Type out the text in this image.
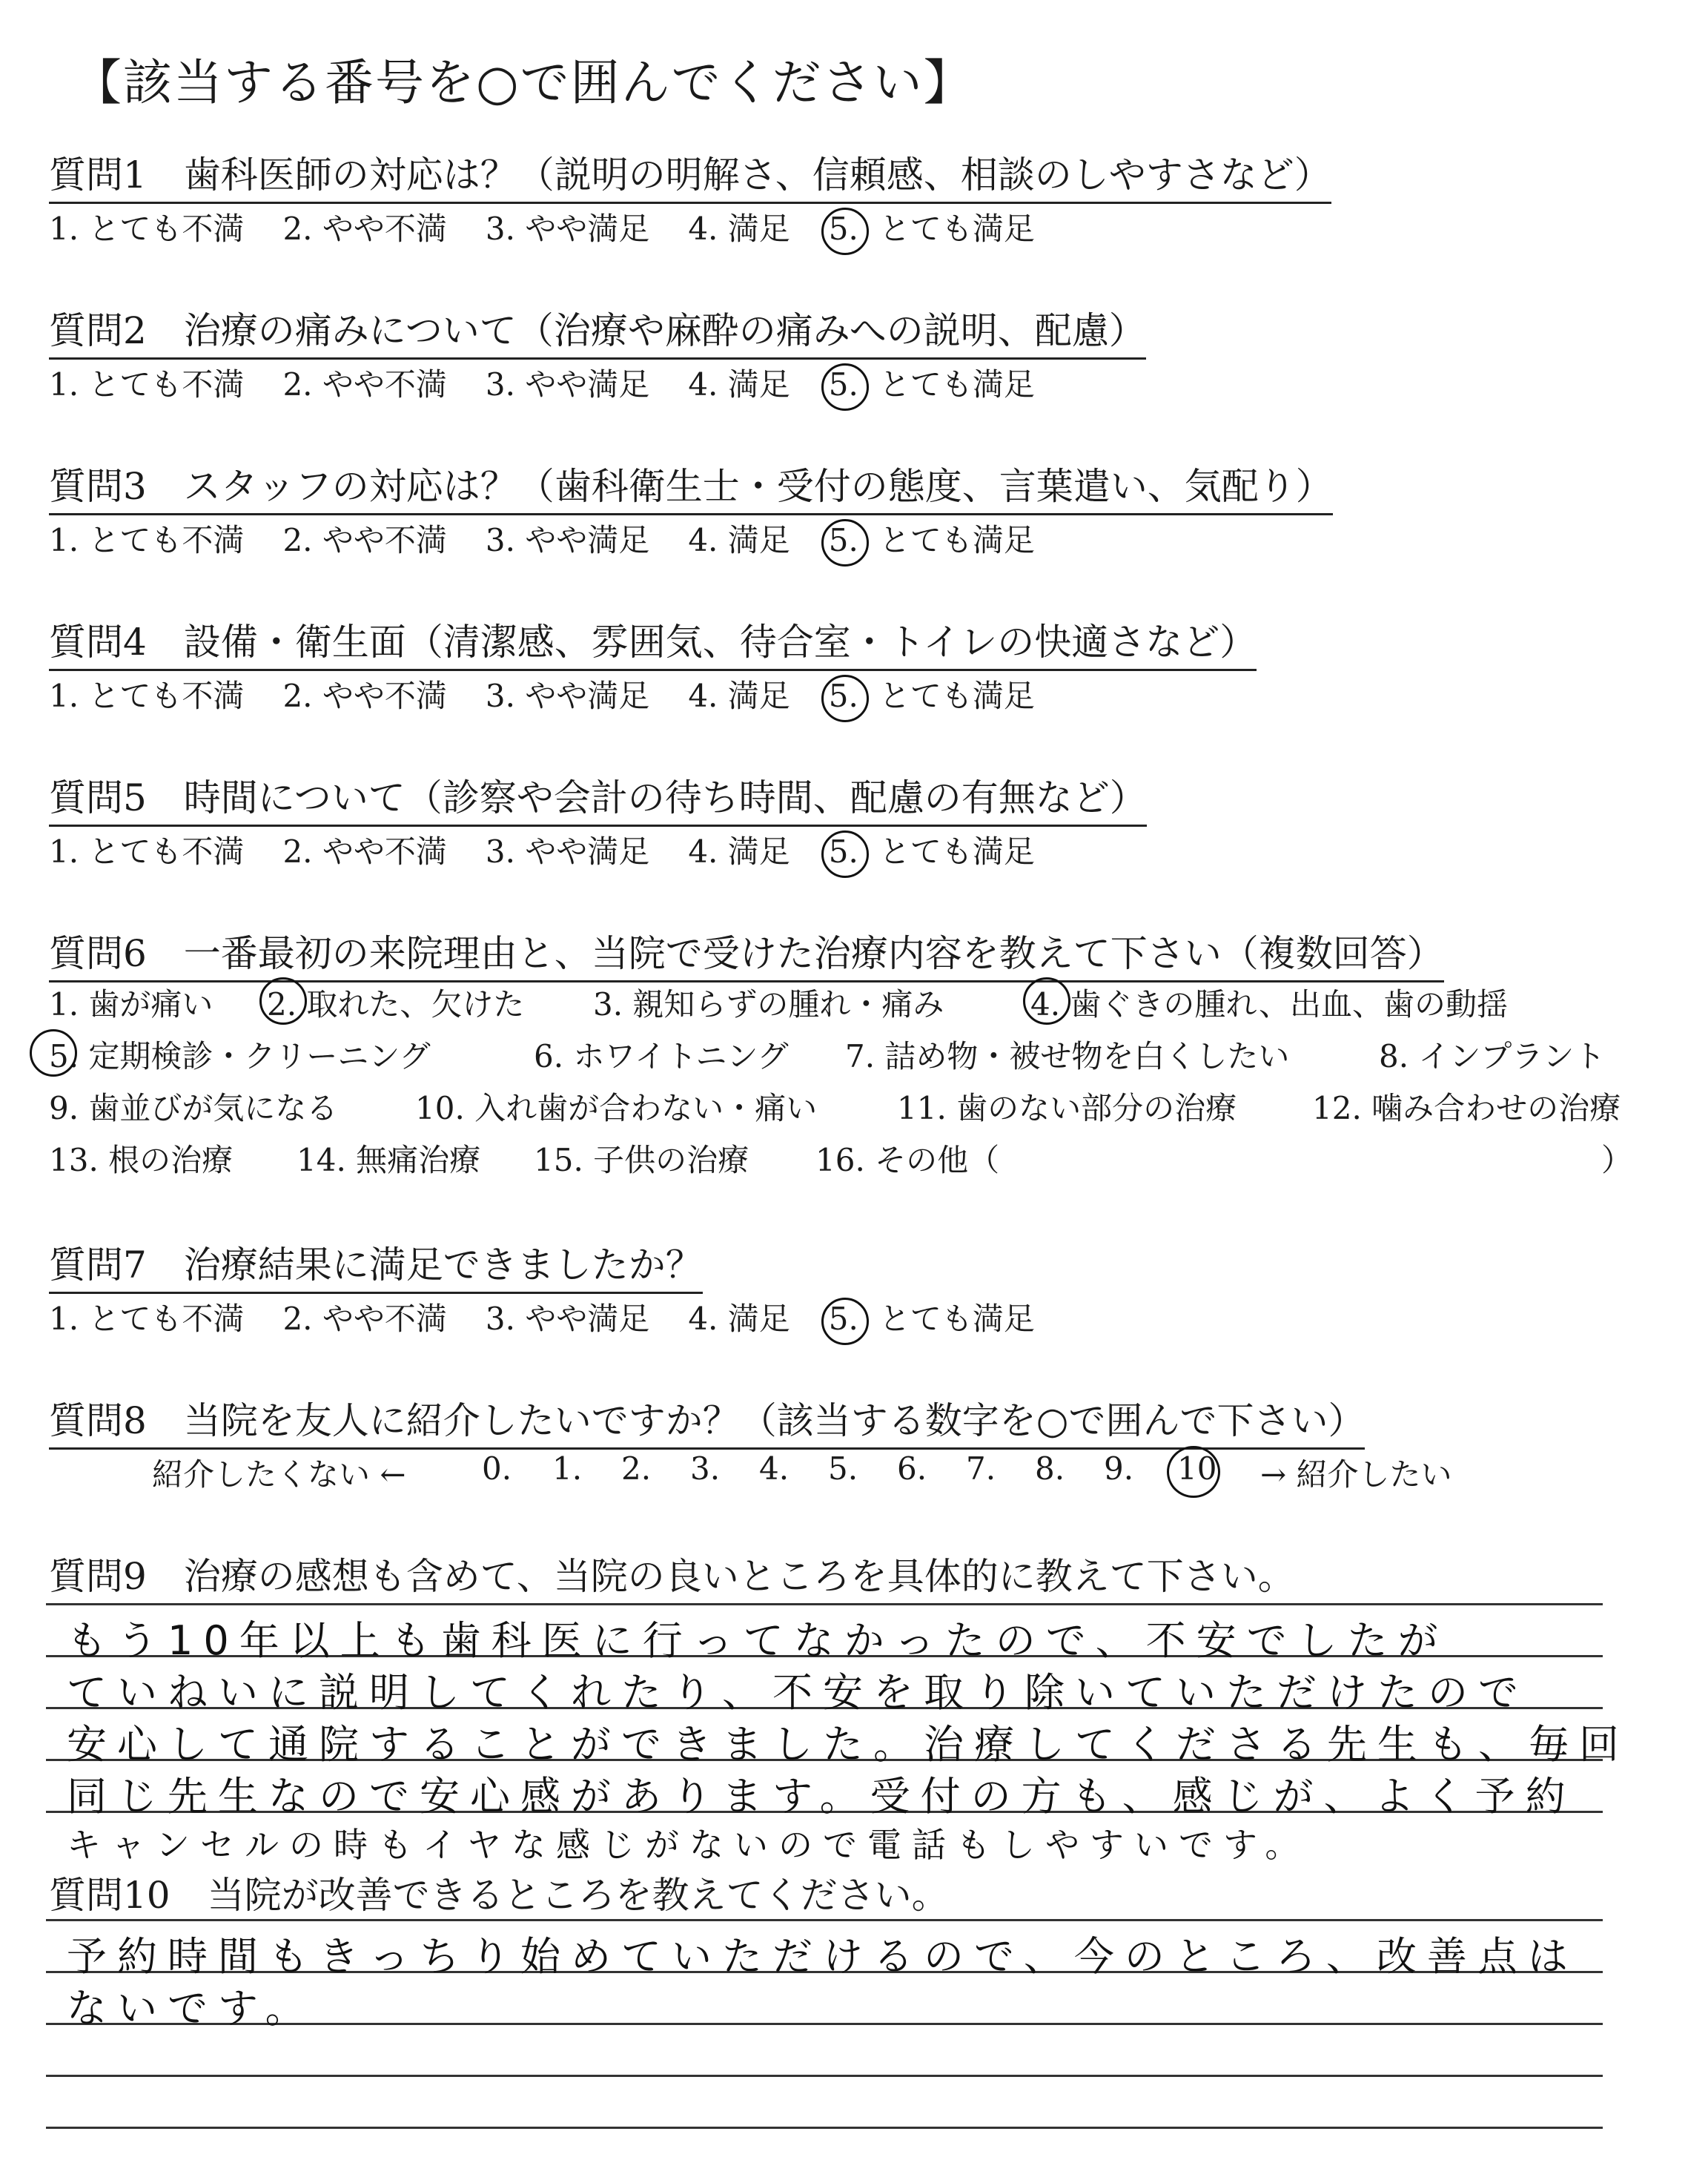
【該当する番号を○で囲んでください】
質問1　歯科医師の対応は？（説明の明解さ、信頼感、相談のしやすさなど）
1. とても不満 2. やや不満 3. やや満足 4. 満足 5. とても満足
質問2　治療の痛みについて（治療や麻酔の痛みへの説明、配慮）
1. とても不満 2. やや不満 3. やや満足 4. 満足 5. とても満足
質問3　スタッフの対応は？（歯科衛生士・受付の態度、言葉遣い、気配り）
1. とても不満 2. やや不満 3. やや満足 4. 満足 5. とても満足
質問4　設備・衛生面（清潔感、雰囲気、待合室・トイレの快適さなど）
1. とても不満 2. やや不満 3. やや満足 4. 満足 5. とても満足
質問5　時間について（診察や会計の待ち時間、配慮の有無など）
1. とても不満 2. やや不満 3. やや満足 4. 満足 5. とても満足
質問6　一番最初の来院理由と、当院で受けた治療内容を教えて下さい（複数回答）
1. 歯が痛い 2. 取れた、欠けた 3. 親知らずの腫れ・痛み	4. 歯ぐきの腫れ、出血、歯の動揺
5. 定期検診・クリーニング	6. ホワイトニング 7. 詰め物・被せ物を白くしたい	8. インプラント
9. 歯並びが気になる 10. 入れ歯が合わない・痛い	11. 歯のない部分の治療 12. 噛み合わせの治療
13. 根の治療 14. 無痛治療 15. 子供の治療 16. その他（	）
質問7　治療結果に満足できましたか？
1. とても不満 2. やや不満 3. やや満足 4. 満足 5. とても満足
質問8　当院を友人に紹介したいですか？（該当する数字を○で囲んで下さい）
紹介したくない ← 0. 1. 2. 3. 4. 5. 6. 7. 8. 9. 10 → 紹介したい
質問9　治療の感想も含めて、当院の良いところを具体的に教えて下さい。
もう10年以上も歯科医に行ってなかったので、不安でしたが
ていねいに説明してくれたり、不安を取り除いていただけたので
安心して通院することができました。治療してくださる先生も、毎回
同じ先生なので安心感があります。受付の方も、感じが、よく予約
キャンセルの時もイヤな感じがないので電話もしやすいです。
質問10　当院が改善できるところを教えてください。
予約時間もきっちり始めていただけるので、今のところ、改善点は
ないです。
